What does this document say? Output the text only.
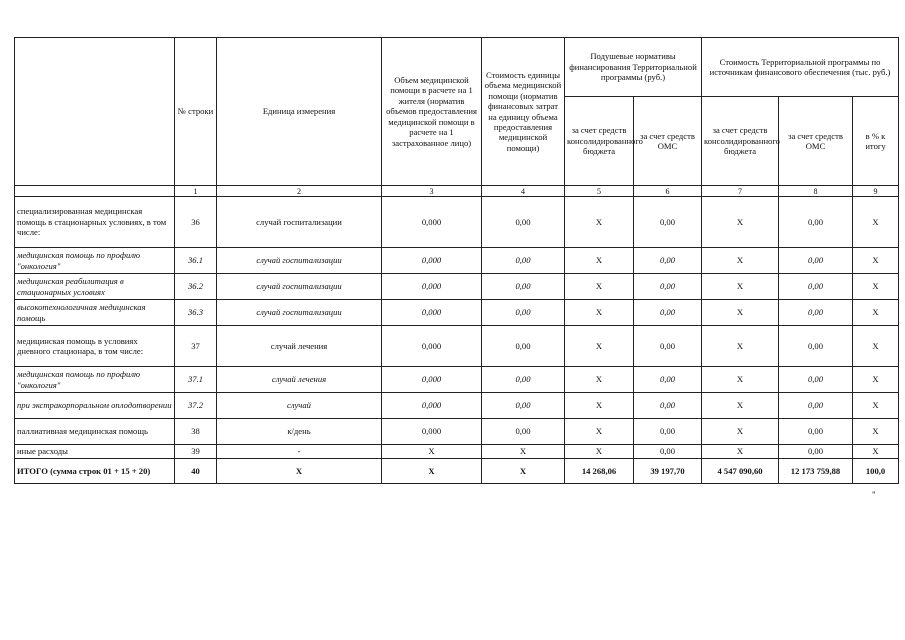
	№ строки	Единица измерения	Объем медицинской помощи в расчете на 1 жителя (норматив объемов предоставления медицинской помощи в расчете на 1 застрахованное лицо)	Стоимость единицы объема медицинской помощи (норматив финансовых затрат на единицу объема предоставления медицинской помощи)	Подушевые нормативы финансирования Территориальной программы (руб.)		Стоимость Территориальной программы по источникам финансового обеспечения (тыс. руб.)		
					за счет средств консолидированного бюджета	за счет средств ОМС	за счет средств консолидированного бюджета	за счет средств ОМС	в % к итогу
	1	2	3	4	5	6	7	8	9
специализированная медицинская помощь в стационарных условиях, в том числе:	36	случай госпитализации	0,000	0,00	X	0,00	X	0,00	X
медицинская помощь по профилю "онкология"	36.1	случай госпитализации	0,000	0,00	X	0,00	X	0,00	X
медицинская реабилитация в стационарных условиях	36.2	случай госпитализации	0,000	0,00	X	0,00	X	0,00	X
высокотехнологичная медицинская помощь	36.3	случай госпитализации	0,000	0,00	X	0,00	X	0,00	X
медицинская помощь в условиях дневного стационара, в том числе:	37	случай лечения	0,000	0,00	X	0,00	X	0,00	X
медицинская помощь по профилю "онкология"	37.1	случай лечения	0,000	0,00	X	0,00	X	0,00	X
при экстракорпоральном оплодотворении	37.2	случай	0,000	0,00	X	0,00	X	0,00	X
паллиативная медицинская помощь	38	к/день	0,000	0,00	X	0,00	X	0,00	X
иные расходы	39	-	X	X	X	0,00	X	0,00	X
ИТОГО (сумма строк 01 + 15 + 20)	40	X	X	X	14 268,06	39 197,70	4 547 090,60	12 173 759,88	100,0
"
